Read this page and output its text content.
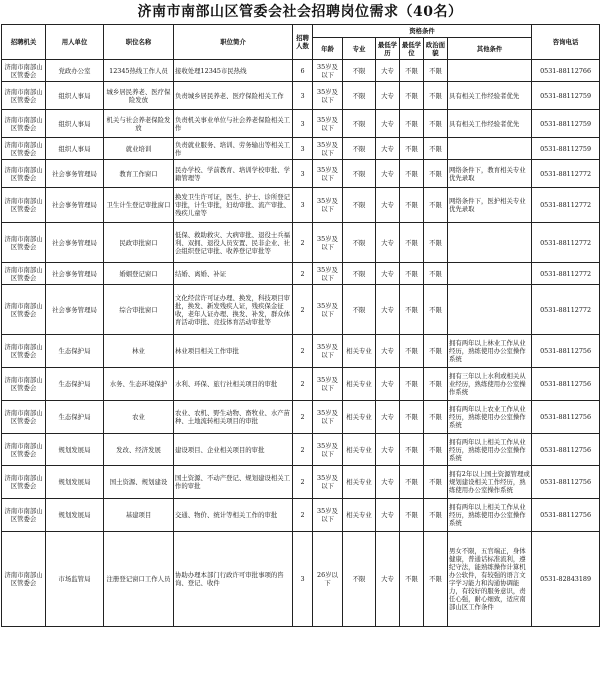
济南市南部山区管委会社会招聘岗位需求（40名）
招聘机关	用人单位	职位名称	职位简介	招聘人数	资格条件						咨询电话
					年龄	专业	最低学历	最低学位	政治面貌	其他条件	
济南市南部山区管委会	党政办公室	12345热线工作人员	接收处理12345市民热线	6	35岁及以下	不限	大专	不限	不限		0531-88112766
济南市南部山区管委会	组织人事局	城乡居民养老、医疗保险发放	负责城乡居民养老、医疗保险相关工作	3	35岁及以下	不限	大专	不限	不限	具有相关工作经验者优先	0531-88112759
济南市南部山区管委会	组织人事局	机关与社会养老保险发放	负责机关事业单位与社会养老保险相关工作	3	35岁及以下	不限	大专	不限	不限	具有相关工作经验者优先	0531-88112759
济南市南部山区管委会	组织人事局	就业培训	负责就业服务、培训、劳务输出等相关工作	3	35岁及以下	不限	大专	不限	不限		0531-88112759
济南市南部山区管委会	社会事务管理局	教育工作窗口	民办学校、学前教育、培训学校审批、学籍管理等	3	35岁及以下	不限	大专	不限	不限	网络条件下，教育相关专业优先录取	0531-88112772
济南市南部山区管委会	社会事务管理局	卫生计生登记审批窗口	换发卫生许可证，医生、护士、诊所登记审批，计生审批，妇幼审批、流产审批、残疾儿童等	3	35岁及以下	不限	大专	不限	不限	网络条件下，医护相关专业优先录取	0531-88112772
济南市南部山区管委会	社会事务管理局	民政审批窗口	低保、救助救灾、大病审批、退役士兵福利、双拥、退役人员安置、民非企业、社会组织登记审批、收养登记审批等	2	35岁及以下	不限	大专	不限	不限		0531-88112772
济南市南部山区管委会	社会事务管理局	婚姻登记窗口	结婚、离婚、补证	2	35岁及以下	不限	大专	不限	不限		0531-88112772
济南市南部山区管委会	社会事务管理局	综合审批窗口	文化经营许可证办理、换发，科技项目审批，换发、新发残疾人证，残疾保金征收，老年人证办理、换发、补发，群众体育活动审批、竞技体育活动审批等	2	35岁及以下	不限	大专	不限	不限		0531-88112772
济南市南部山区管委会	生态保护局	林业	林业项目相关工作审批	2	35岁及以下	相关专业	大专	不限	不限	拥有两年以上林业工作从业经历，熟练使用办公室操作系统	0531-88112756
济南市南部山区管委会	生态保护局	水务、生态环境保护	水利、环保、旅行社相关项目的审批	2	35岁及以下	相关专业	大专	不限	不限	拥有三年以上水利或相关从业经历，熟练使用办公室操作系统	0531-88112756
济南市南部山区管委会	生态保护局	农业	农业、农机、野生动物、畜牧业、水产苗种、土地流转相关项目的审批	2	35岁及以下	相关专业	大专	不限	不限	拥有两年以上农业工作从业经历，熟练使用办公室操作系统	0531-88112756
济南市南部山区管委会	规划发展局	发改、经济发展	建设项目、企业相关项目的审批	2	35岁及以下	相关专业	大专	不限	不限	拥有两年以上相关工作从业经历，熟练使用办公室操作系统	0531-88112756
济南市南部山区管委会	规划发展局	国土资源、规划建设	国土资源、不动产登记、规划建设相关工作的审批	2	35岁及以下	相关专业	大专	不限	不限	拥有2年以上国土资源管理或规划建设相关工作经历，熟练使用办公室操作系统	0531-88112756
济南市南部山区管委会	规划发展局	基建项目	交通、物价、统计等相关工作的审批	2	35岁及以下	相关专业	大专	不限	不限	拥有两年以上相关工作从业经历，熟练使用办公室操作系统	0531-88112756
济南市南部山区管委会	市场监管局	注册登记窗口工作人员	协助办理本部门行政许可审批事项的咨询、登记、收件	3	26岁以下	不限	大专	不限	不限	男女不限，五官端正，身体健康，普通话标准流利，遵纪守法，能熟练操作计算机办公软件，有较强的语言文字学习能力和沟通协调能力，有较好的服务意识，责任心强，耐心细致，适应南部山区工作条件	0531-82843189
